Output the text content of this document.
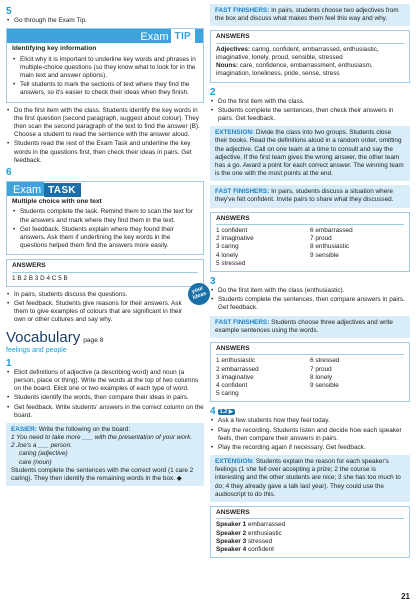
5
• Go through the Exam Tip.
Exam TIP
Identifying key information
• Elicit why it is important to underline key words and phrases in multiple-choice questions (so they know what to look for in the main text and answer options).
• Tell students to mark the sections of text where they find the answers, so it's easier to check their ideas when they finish.
• Do the first item with the class. Students identify the key words in the first question (second paragraph, suggest about colour). They then scan the second paragraph of the text to find the answer (B). Choose a student to read the sentence with the answer aloud.
• Students read the rest of the Exam Task and underline the key words in the questions first, then check their ideas in pairs. Get feedback.
6
Exam TASK
Multiple choice with one text
• Students complete the task. Remind them to scan the text for the answers and mark where they find them in the text.
• Get feedback. Students explain where they found their answers. Ask them if underlining the key words in the questions helped them find the answers more easily.
ANSWERS
1 B 2 B 3 D 4 C 5 B
your ideas
• In pairs, students discuss the questions.
• Get feedback. Students give reasons for their answers. Ask them to give examples of colours that are significant in their own or other cultures and say why.
Vocabulary page 8
feelings and people
1
• Elicit definitions of adjective (a describing word) and noun (a person, place or thing). Write the words at the top of two columns on the board. Elicit one or two examples of each type of word.
• Students identify the words, then compare their ideas in pairs.
• Get feedback. Write students' answers in the correct column on the board.
EASIER: Write the following on the board:
1 You need to take more ___ with the presentation of your work.
2 Joe's a ___ person.
caring (adjective)
care (noun)
Students complete the sentences with the correct word (1 care 2 caring). They then identify the remaining words in the box. ◆
FAST FINISHERS: In pairs, students choose two adjectives from the box and discuss what makes them feel this way and why.
ANSWERS
Adjectives: caring, confident, embarrassed, enthusiastic, imaginative, lonely, proud, sensible, stressed
Nouns: care, confidence, embarrassment, enthusiasm, imagination, loneliness, pride, sense, stress
2
• Do the first item with the class.
• Students complete the sentences, then check their answers in pairs. Get feedback.
EXTENSION: Divide the class into two groups. Students close their books. Read the definitions aloud in a random order, omitting the adjective. Call on one team at a time to consult and say the adjective. If the first team gives the wrong answer, the other team has a go. Award a point for each correct answer. The winning team is the one with the most points at the end.
FAST FINISHERS: In pairs, students discuss a situation where they've felt confident. Invite pairs to share what they discussed.
ANSWERS
1 confident
2 imaginative
3 caring
4 lonely
5 stressed
6 embarrassed
7 proud
8 enthusiastic
9 sensible
3
• Do the first item with the class (enthusiastic).
• Students complete the sentences, then compare answers in pairs. Get feedback.
FAST FINISHERS: Students choose three adjectives and write example sentences using the words.
ANSWERS
1 enthusiastic
2 embarrassed
3 imaginative
4 confident
5 caring
6 stressed
7 proud
8 lonely
9 sensible
4 1.2 ▶
• Ask a few students how they feel today.
• Play the recording. Students listen and decide how each speaker feels, then compare their answers in pairs.
• Play the recording again if necessary. Get feedback.
EXTENSION: Students explain the reason for each speaker's feelings (1 she fell over accepting a prize; 2 the course is interesting and the other students are nice; 3 she has too much to do; 4 they already gave a talk last year). They could use the audioscript to do this.
ANSWERS
Speaker 1 embarrassed
Speaker 2 enthusiastic
Speaker 3 stressed
Speaker 4 confident
21
